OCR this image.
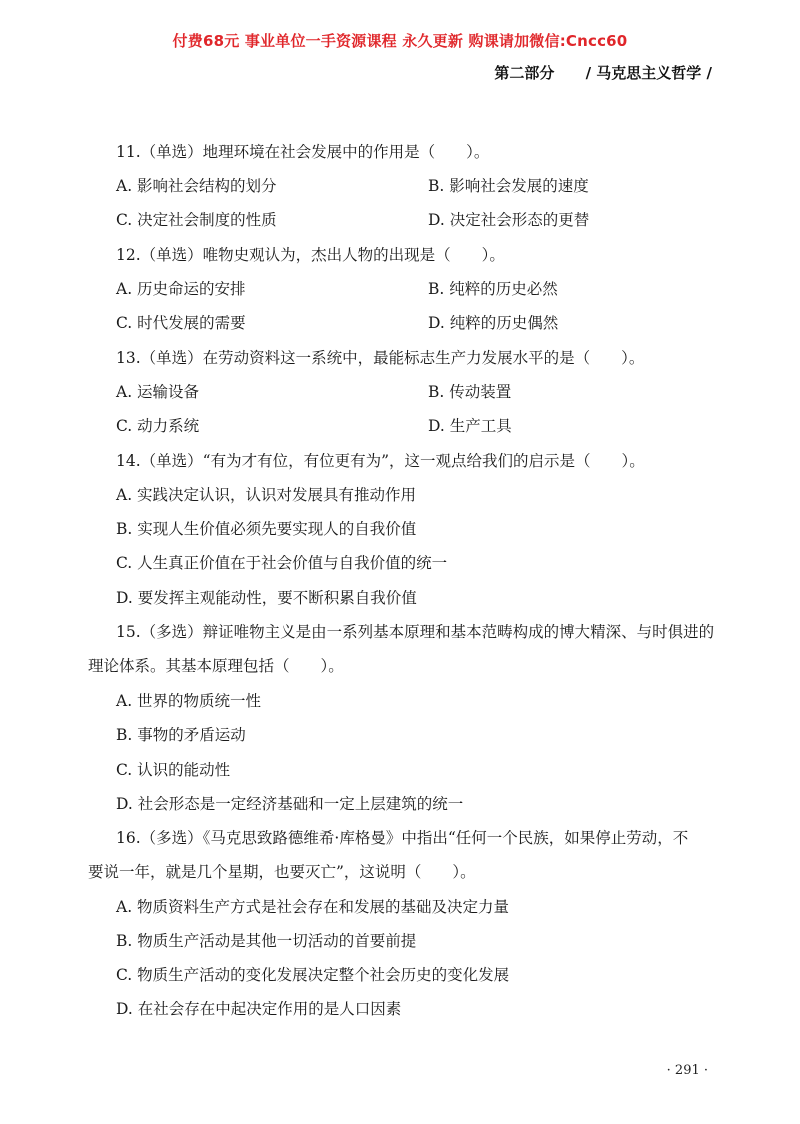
付费68元 事业单位一手资源课程 永久更新 购课请加微信:Cncc60
第二部分 / 马克思主义哲学 /
11.（单选）地理环境在社会发展中的作用是（　　）。
A. 影响社会结构的划分	B. 影响社会发展的速度
C. 决定社会制度的性质	D. 决定社会形态的更替
12.（单选）唯物史观认为，杰出人物的出现是（　　）。
A. 历史命运的安排	B. 纯粹的历史必然
C. 时代发展的需要	D. 纯粹的历史偶然
13.（单选）在劳动资料这一系统中，最能标志生产力发展水平的是（　　）。
A. 运输设备	B. 传动装置
C. 动力系统	D. 生产工具
14.（单选）“有为才有位，有位更有为”，这一观点给我们的启示是（　　）。
A. 实践决定认识，认识对发展具有推动作用
B. 实现人生价值必须先要实现人的自我价值
C. 人生真正价值在于社会价值与自我价值的统一
D. 要发挥主观能动性，要不断积累自我价值
15.（多选）辩证唯物主义是由一系列基本原理和基本范畴构成的博大精深、与时俱进的
理论体系。其基本原理包括（　　）。
A. 世界的物质统一性
B. 事物的矛盾运动
C. 认识的能动性
D. 社会形态是一定经济基础和一定上层建筑的统一
16.（多选）《马克思致路德维希·库格曼》中指出“任何一个民族，如果停止劳动，不
要说一年，就是几个星期，也要灭亡”，这说明（　　）。
A. 物质资料生产方式是社会存在和发展的基础及决定力量
B. 物质生产活动是其他一切活动的首要前提
C. 物质生产活动的变化发展决定整个社会历史的变化发展
D. 在社会存在中起决定作用的是人口因素
· 291 ·
